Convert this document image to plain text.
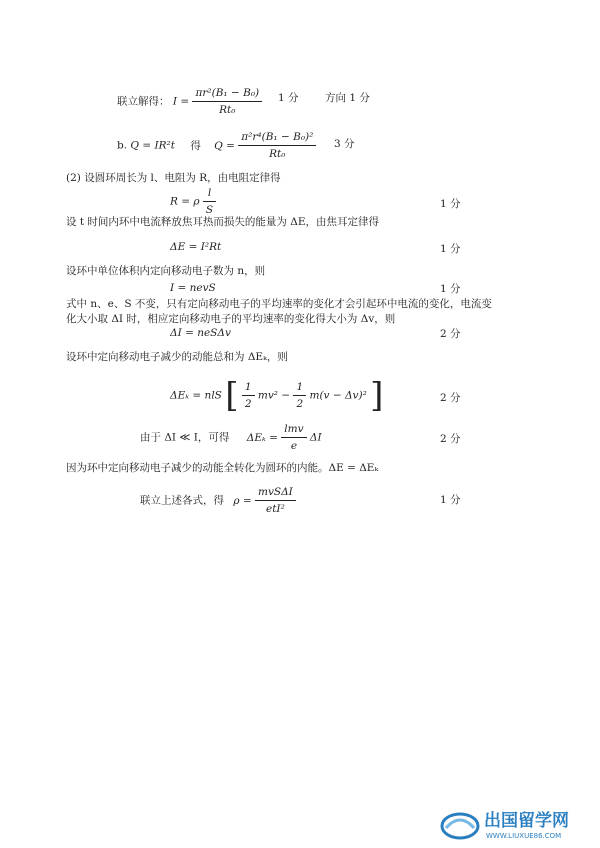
联立解得： $I = \frac{\text{πr²(B₁ − B₀)}}{\text{Rt₀}} 1$ 分	方向 1 分
b. Q = IR²t 得 $Q = \frac{\text{π²r⁴(B₁ − B₀)²}}{\text{Rt₀}} 3$ 分
(2) 设圆环周长为 l、电阻为 R，由电阻定律得
R = ρ $\frac{l}{S}$	1 分
设 t 时间内环中电流释放焦耳热而损失的能量为 ΔE，由焦耳定律得
ΔE = I²Rt	1 分
设环中单位体积内定向移动电子数为 n，则
I = nevS	1 分
式中 n、e、S 不变，只有定向移动电子的平均速率的变化才会引起环中电流的变化，电流变
化大小取 ΔI 时，相应定向移动电子的平均速率的变化得大小为 Δv，则
ΔI = neSΔv	2 分
设环中定向移动电子减少的动能总和为 ΔEₖ，则
ΔEₖ = nlS [ $\frac{1}{2} mv^2 - \frac{1}{2} m(v - \Delta v)^2$ ]	2 分
由于 ΔI ≪ I，可得 $\Delta E_k = \frac{\text{lmv}}{e}$ ΔI	2 分
因为环中定向移动电子减少的动能全转化为圆环的内能。ΔE = ΔEₖ
联立上述各式，得 $\rho = \frac{\text{mvSΔI}}{\text{etI²}}$	1 分
出国留学网
WWW.LIUXUE86.COM
